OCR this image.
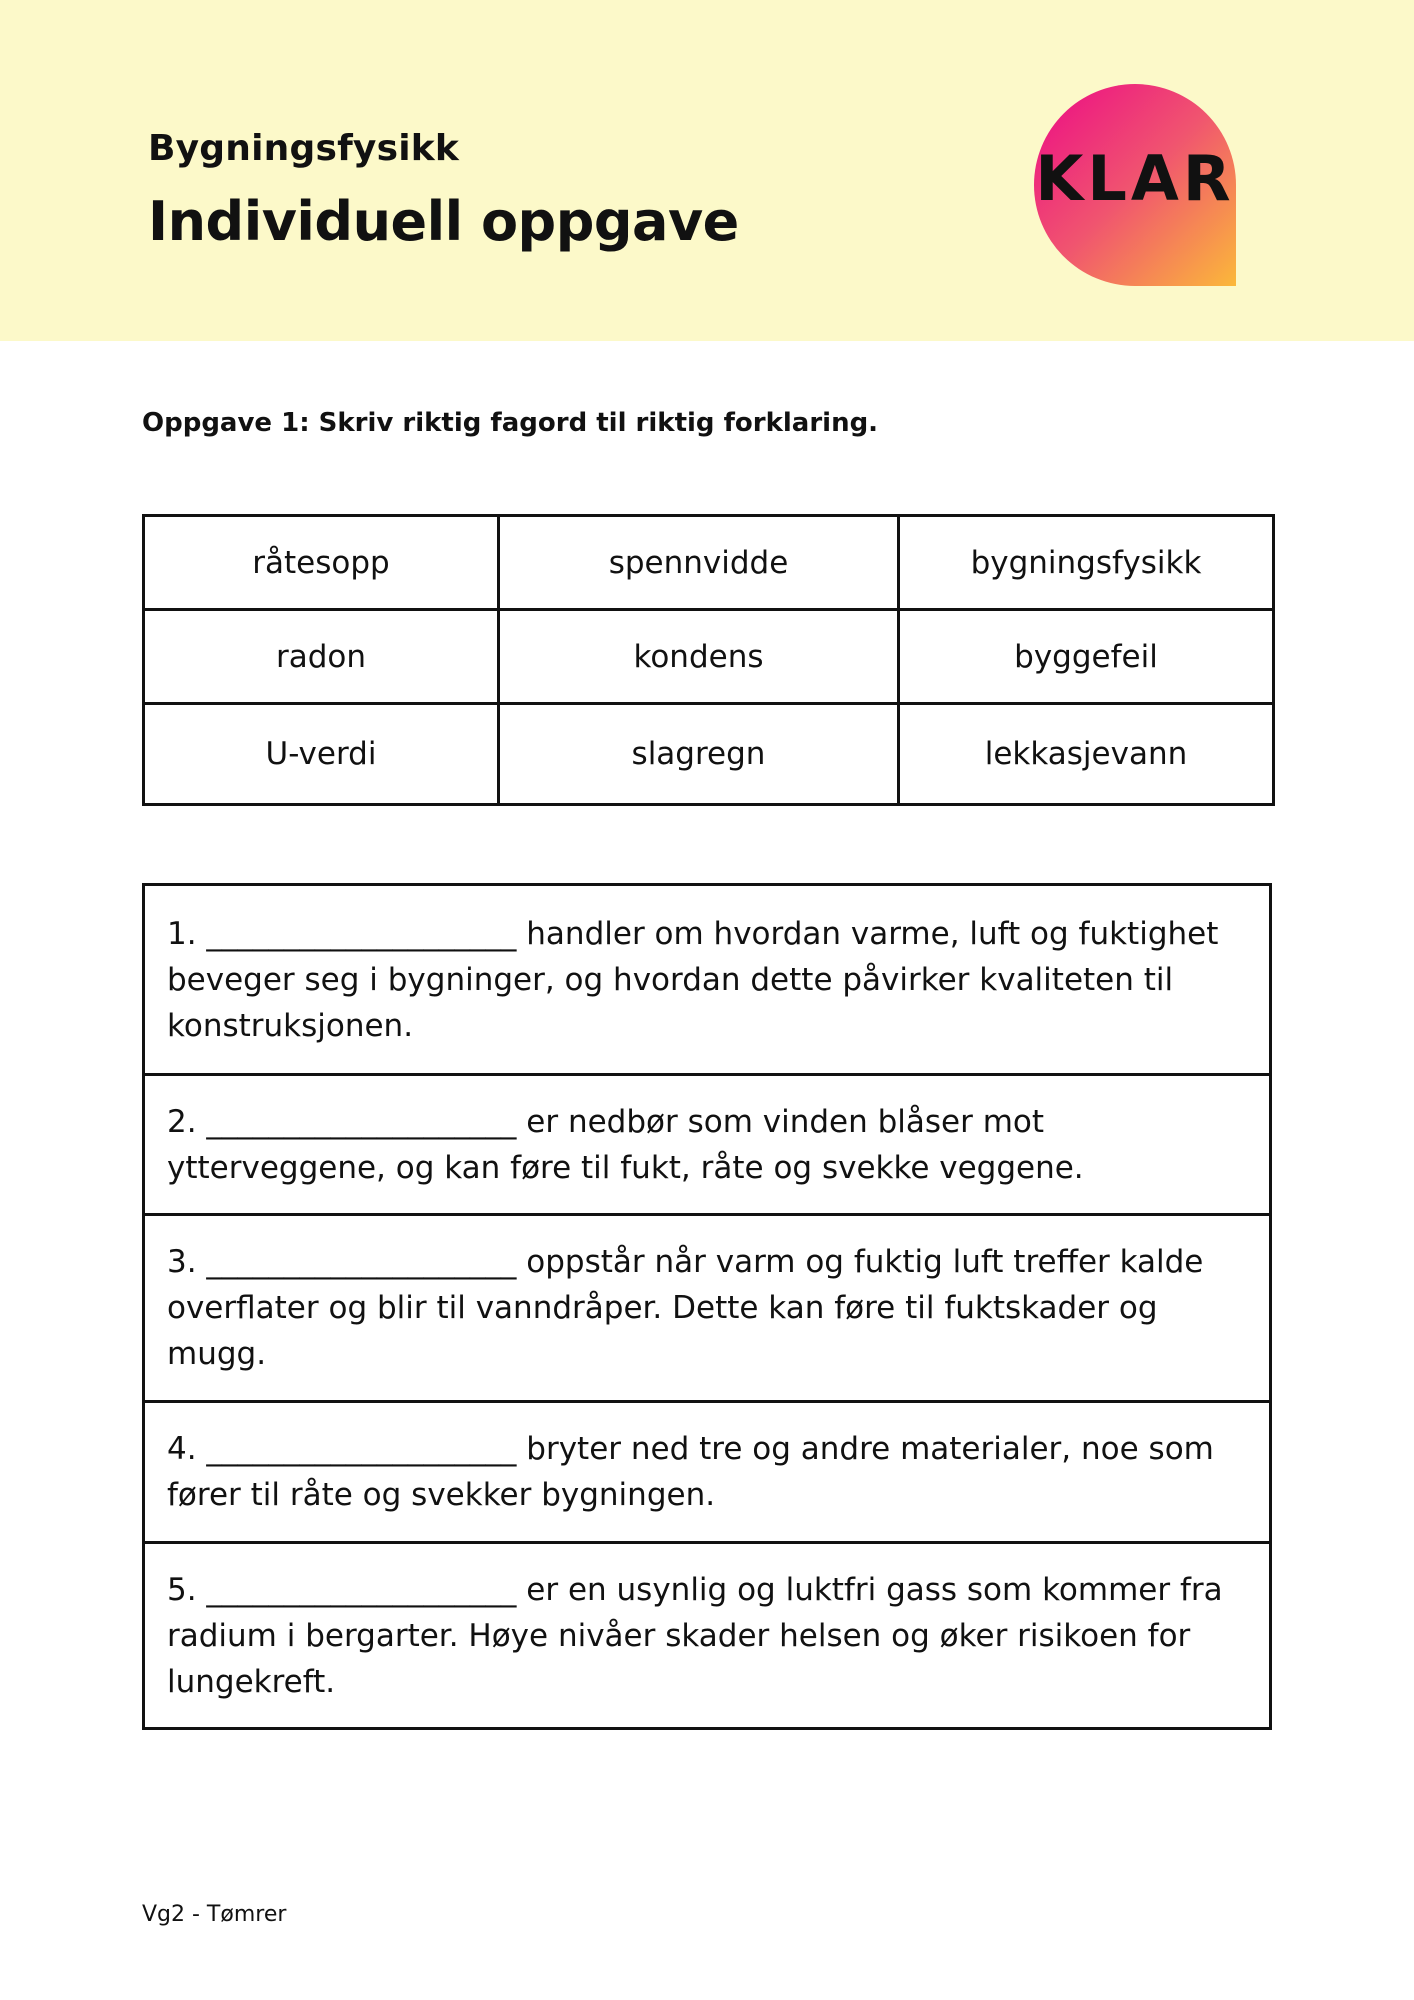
Bygningsfysikk
Individuell oppgave
KLAR
Oppgave 1: Skriv riktig fagord til riktig forklaring.
råtesopp	spennvidde	bygningsfysikk
radon	kondens	byggefeil
U-verdi	slagregn	lekkasjevann

1. ____________________ handler om hvordan varme, luft og fuktighet beveger seg i bygninger, og hvordan dette påvirker kvaliteten til konstruksjonen.

2. ____________________ er nedbør som vinden blåser mot ytterveggene, og kan føre til fukt, råte og svekke veggene.

3. ____________________ oppstår når varm og fuktig luft treffer kalde overflater og blir til vanndråper. Dette kan føre til fuktskader og mugg.

4. ____________________ bryter ned tre og andre materialer, noe som fører til råte og svekker bygningen.

5. ____________________ er en usynlig og luktfri gass som kommer fra radium i bergarter. Høye nivåer skader helsen og øker risikoen for lungekreft.

Vg2 - Tømrer
